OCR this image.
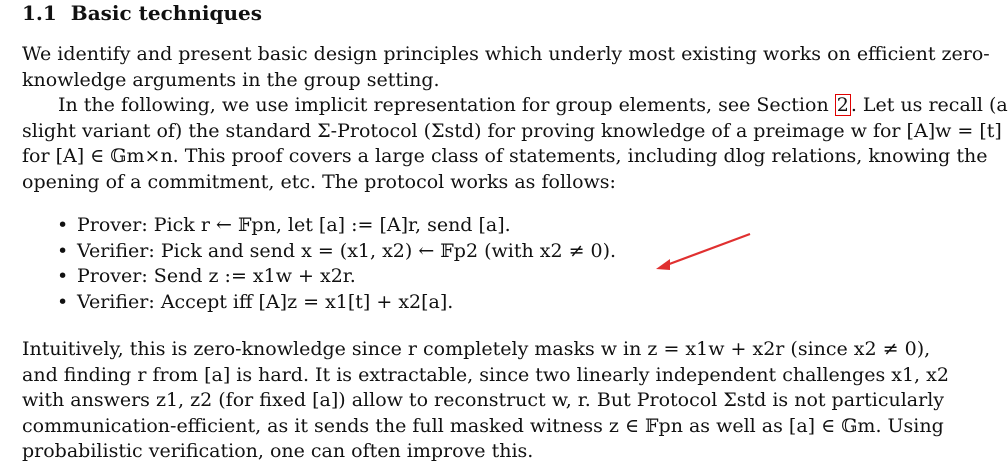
1.1 Basic techniques
We identify and present basic design principles which underly most existing works on efficient zero-
knowledge arguments in the group setting.
In the following, we use implicit representation for group elements, see Section 2 . Let us recall (a
slight variant of) the standard Σ-Protocol (Σstd) for proving knowledge of a preimage w for [A]w = [t]
for [A] ∈ 𝔾m×n. This proof covers a large class of statements, including dlog relations, knowing the
opening of a commitment, etc. The protocol works as follows:
• Prover: Pick r ← 𝔽pn, let [a] := [A]r, send [a].
• Verifier: Pick and send x = (x1, x2) ← 𝔽p2 (with x2 ≠ 0).
• Prover: Send z := x1w + x2r.
• Verifier: Accept iff [A]z = x1[t] + x2[a].
Intuitively, this is zero-knowledge since r completely masks w in z = x1w + x2r (since x2 ≠ 0),
and finding r from [a] is hard. It is extractable, since two linearly independent challenges x1, x2
with answers z1, z2 (for fixed [a]) allow to reconstruct w, r. But Protocol Σstd is not particularly
communication-efficient, as it sends the full masked witness z ∈ 𝔽pn as well as [a] ∈ 𝔾m. Using
probabilistic verification, one can often improve this.
